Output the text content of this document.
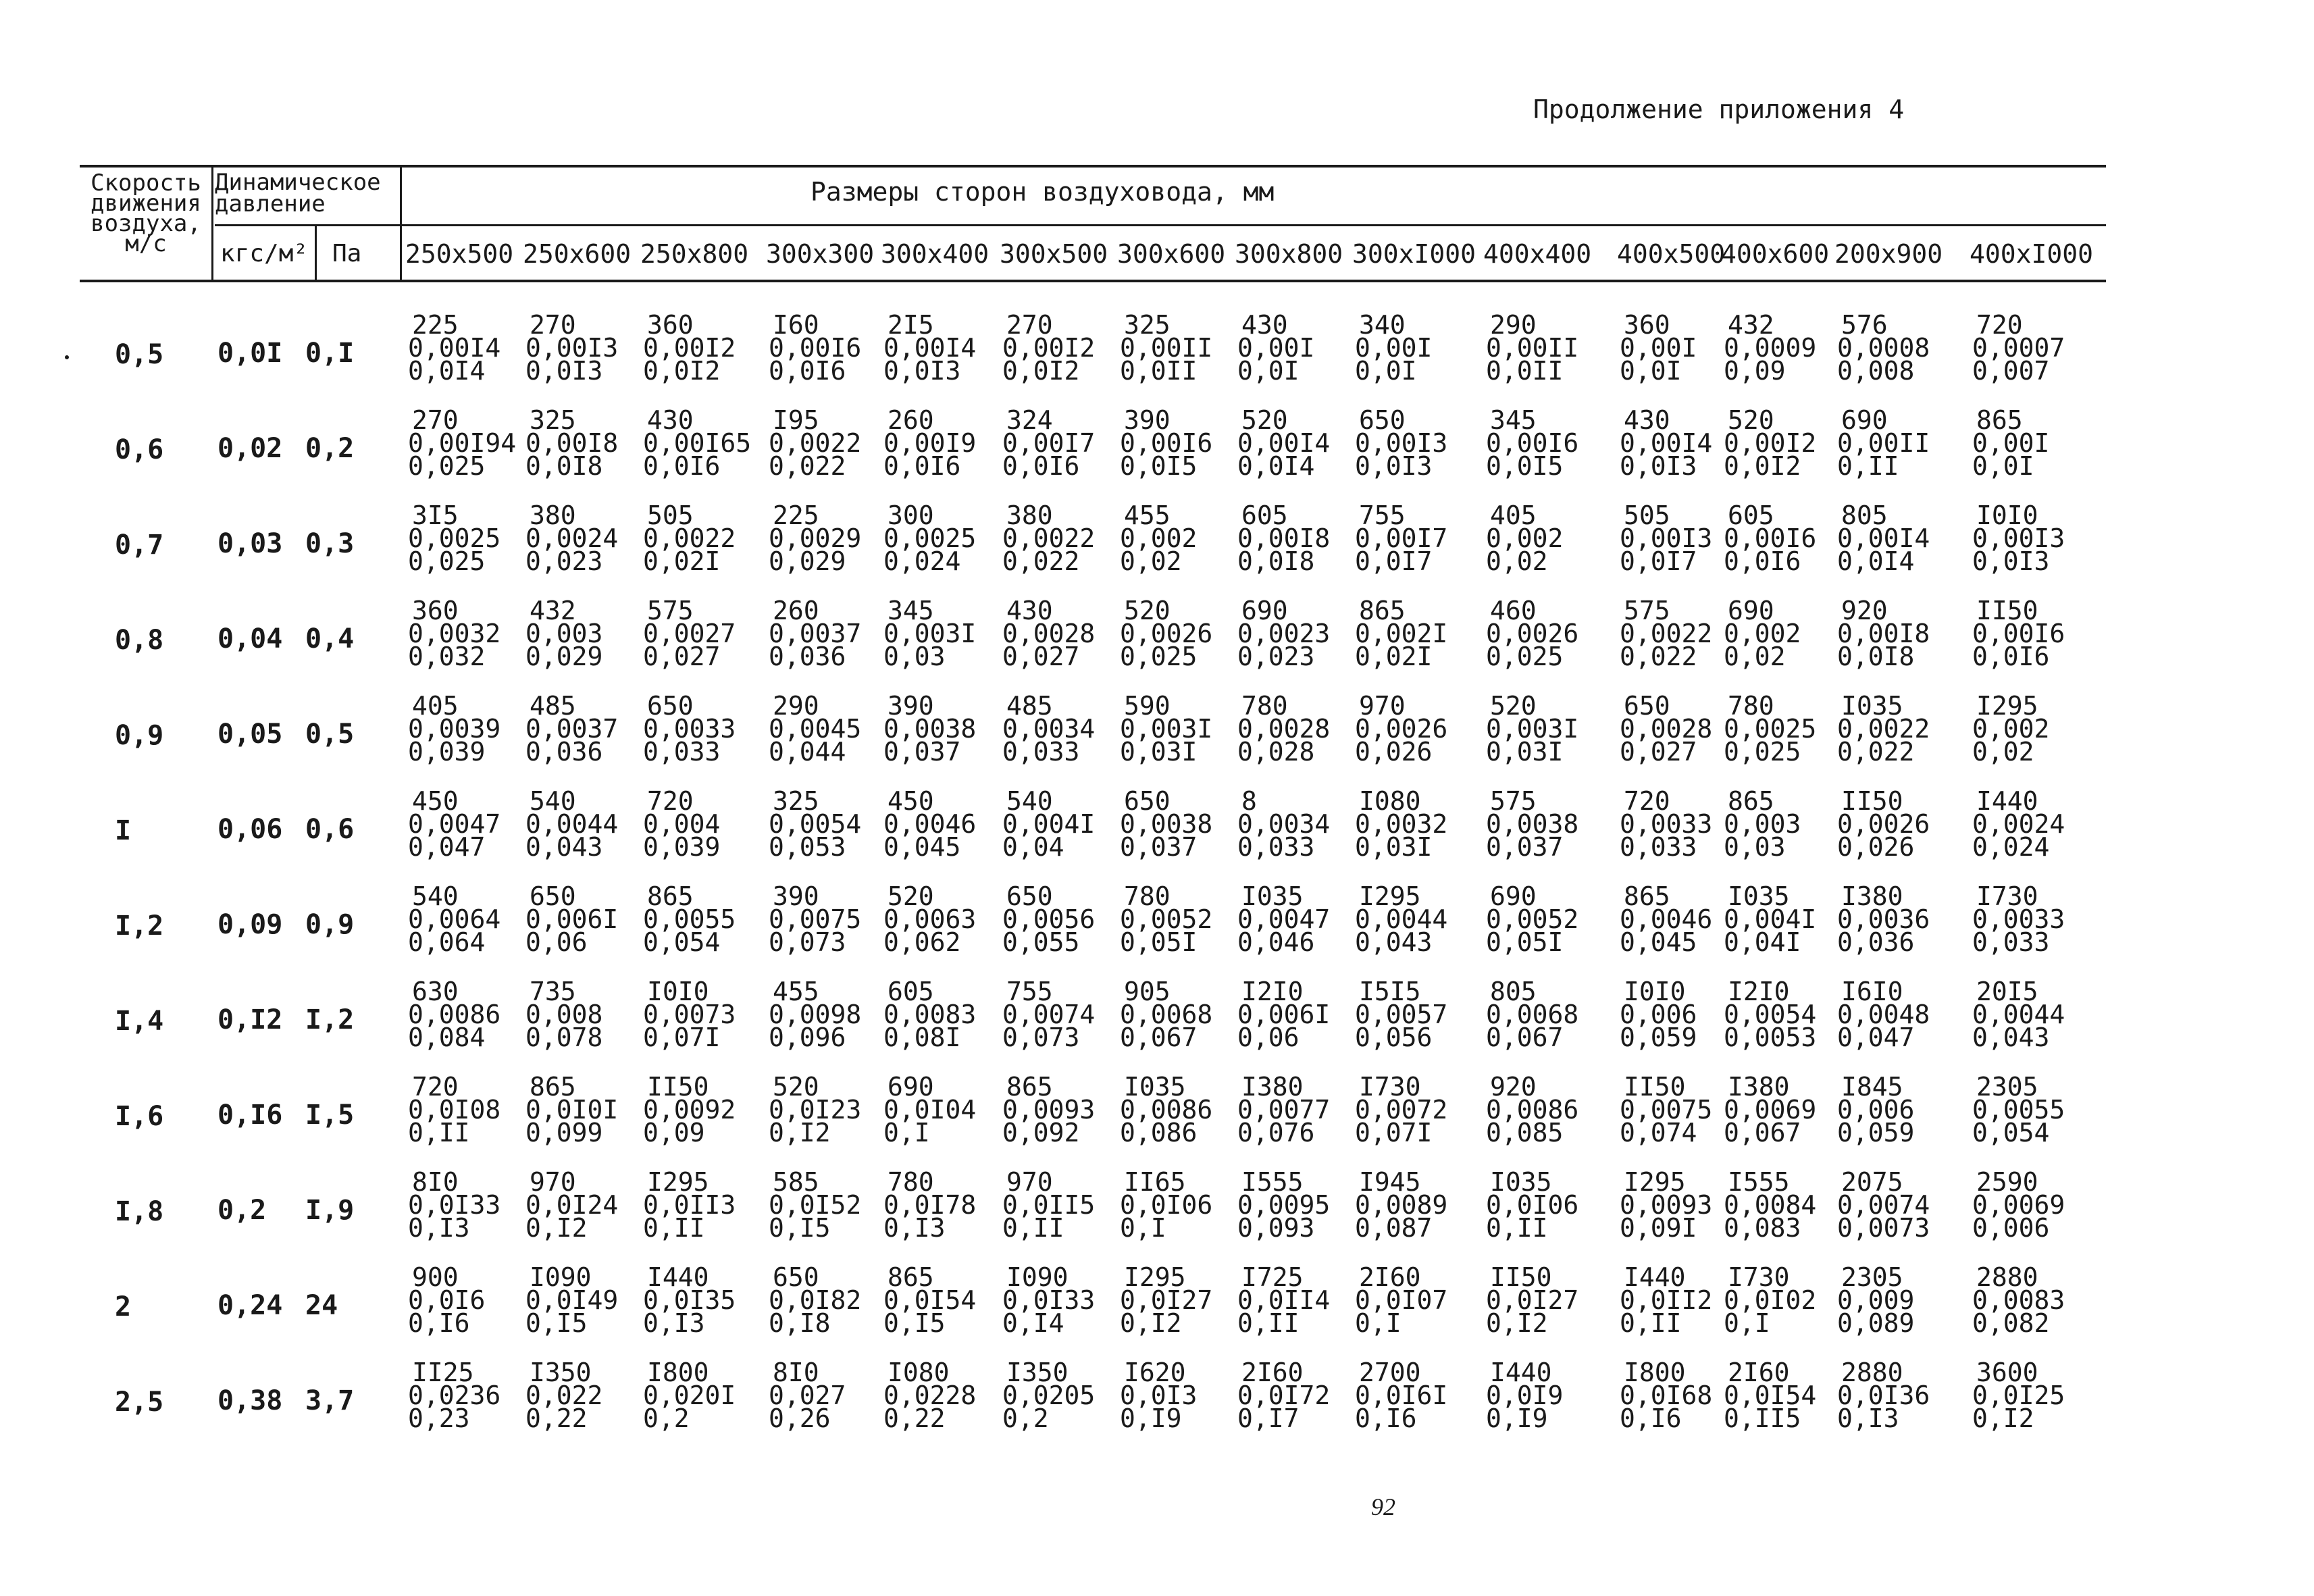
Продолжение приложения 4
Скорость
движения
воздуха,
м/с
Динамическое давление
кгс/м² Па
Размеры сторон воздуховода, мм
250x500 250x600 250x800 300x300 300x400 300x500 300x600 300x800 300xI000 400x400 400x500
400x600 200x900 400xI000
0,5 0,0I 0,I
225
0,00I4
0,0I4
270
0,00I3
0,0I3
360
0,00I2
0,0I2
I60
0,00I6
0,0I6
2I5
0,00I4
0,0I3
270
0,00I2
0,0I2
325
0,00II
0,0II
430
0,00I
0,0I
340
0,00I
0,0I
290
0,00II
0,0II
360
0,00I
0,0I
432
0,0009
0,09
576
0,0008
0,008
720
0,0007
0,007
0,6 0,02 0,2
270
0,00I94
0,025
325
0,00I8
0,0I8
430
0,00I65
0,0I6
I95
0,0022
0,022
260
0,00I9
0,0I6
324
0,00I7
0,0I6
390
0,00I6
0,0I5
520
0,00I4
0,0I4
650
0,00I3
0,0I3
345
0,00I6
0,0I5
430
0,00I4
0,0I3
520
0,00I2
0,0I2
690
0,00II
0,II
865
0,00I
0,0I
0,7 0,03 0,3
3I5
0,0025
0,025
380
0,0024
0,023
505
0,0022
0,02I
225
0,0029
0,029
300
0,0025
0,024
380
0,0022
0,022
455
0,002
0,02
605
0,00I8
0,0I8
755
0,00I7
0,0I7
405
0,002
0,02
505
0,00I3
0,0I7
605
0,00I6
0,0I6
805
0,00I4
0,0I4
I0I0
0,00I3
0,0I3
0,8 0,04 0,4
360
0,0032
0,032
432
0,003
0,029
575
0,0027
0,027
260
0,0037
0,036
345
0,003I
0,03
430
0,0028
0,027
520
0,0026
0,025
690
0,0023
0,023
865
0,002I
0,02I
460
0,0026
0,025
575
0,0022
0,022
690
0,002
0,02
920
0,00I8
0,0I8
II50
0,00I6
0,0I6
0,9 0,05 0,5
405
0,0039
0,039
485
0,0037
0,036
650
0,0033
0,033
290
0,0045
0,044
390
0,0038
0,037
485
0,0034
0,033
590
0,003I
0,03I
780
0,0028
0,028
970
0,0026
0,026
520
0,003I
0,03I
650
0,0028
0,027
780
0,0025
0,025
I035
0,0022
0,022
I295
0,002
0,02
I	0,06 0,6
450
0,0047
0,047
540
0,0044
0,043
720
0,004
0,039
325
0,0054
0,053
450
0,0046
0,045
540
0,004I
0,04
650
0,0038
0,037
8
0,0034
0,033
I080
0,0032
0,03I
575
0,0038
0,037
720
0,0033
0,033
865
0,003
0,03
II50
0,0026
0,026
I440
0,0024
0,024
I,2 0,09 0,9
540
0,0064
0,064
650
0,006I
0,06
865
0,0055
0,054
390
0,0075
0,073
520
0,0063
0,062
650
0,0056
0,055
780
0,0052
0,05I
I035
0,0047
0,046
I295
0,0044
0,043
690
0,0052
0,05I
865
0,0046
0,045
I035
0,004I
0,04I
I380
0,0036
0,036
I730
0,0033
0,033
I,4 0,I2 I,2
630
0,0086
0,084
735
0,008
0,078
I0I0
0,0073
0,07I
455
0,0098
0,096
605
0,0083
0,08I
755
0,0074
0,073
905
0,0068
0,067
I2I0
0,006I
0,06
I5I5
0,0057
0,056
805
0,0068
0,067
I0I0
0,006
0,059
I2I0
0,0054
0,0053
I6I0
0,0048
0,047
20I5
0,0044
0,043
I,6 0,I6 I,5
720
0,0I08
0,II
865
0,0I0I
0,099
II50
0,0092
0,09
520
0,0I23
0,I2
690
0,0I04
0,I
865
0,0093
0,092
I035
0,0086
0,086
I380
0,0077
0,076
I730
0,0072
0,07I
920
0,0086
0,085
II50
0,0075
0,074
I380
0,0069
0,067
I845
0,006
0,059
2305
0,0055
0,054
I,8 0,2 I,9
8I0
0,0I33
0,I3
970
0,0I24
0,I2
I295
0,0II3
0,II
585
0,0I52
0,I5
780
0,0I78
0,I3
970
0,0II5
0,II
II65
0,0I06
0,I
I555
0,0095
0,093
I945
0,0089
0,087
I035
0,0I06
0,II
I295
0,0093
0,09I
I555
0,0084
0,083
2075
0,0074
0,0073
2590
0,0069
0,006
2	0,24 24
900
0,0I6
0,I6
I090
0,0I49
0,I5
I440
0,0I35
0,I3
650
0,0I82
0,I8
865
0,0I54
0,I5
I090
0,0I33
0,I4
I295
0,0I27
0,I2
I725
0,0II4
0,II
2I60
0,0I07
0,I
II50
0,0I27
0,I2
I440
0,0II2
0,II
I730
0,0I02
0,I
2305
0,009
0,089
2880
0,0083
0,082
2,5 0,38 3,7
II25
0,0236
0,23
I350
0,022
0,22
I800
0,020I
0,2
8I0
0,027
0,26
I080
0,0228
0,22
I350
0,0205
0,2
I620
0,0I3
0,I9
2I60
0,0I72
0,I7
2700
0,0I6I
0,I6
I440
0,0I9
0,I9
I800
0,0I68
0,I6
2I60
0,0I54
0,II5
2880
0,0I36
0,I3
3600
0,0I25
0,I2
92
